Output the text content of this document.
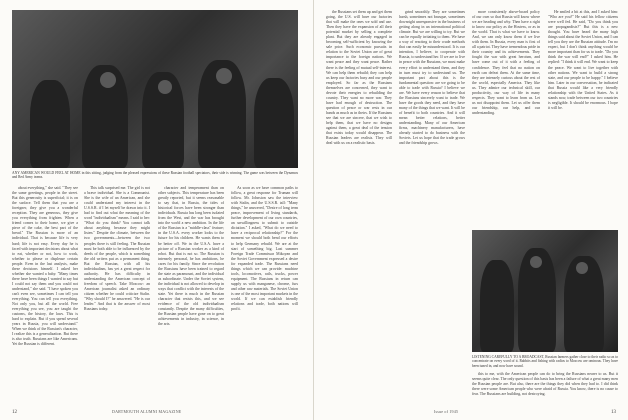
ANY AMERICAN WOULD FEEL AT HOME in this sitting, judging from the pleased expressions of these Russian football spectators, their side is winning. The game was between the Dynamos and Red Army teams.

about everything," she said. "They see the same greetings, people in the street. But this generosity is superficial; it is on the surface. Tell them that you are a foreigner, they give you a wonderful reception. They are generous, they give you everything from frighten. When a friend comes to their home, we give a piece of the cake, the best part of the bread." The Russian is more of an individual. That is because life is very hard; life is not easy. Every day he is faced with important decisions about what to eat, whether or not, how to work, whether to please or displease certain people. Even in the last analysis, make these decisions himself. I asked her whether she wanted a baby. "Many times there have been things I wanted to say but I could not say them and you could not understand," she said. "I have spoken you can't even see, sometimes I can tell you everything. You can tell you everything. Not only you, but all the world. Free everything you see, you are taught the customs, the history, the laws. This is hard to explain. But if you spend several years in Russia, you will understand." When we think of the Russian's character, I realize this is a generalization. But there is also truth. Russians are like Americans. Yet the Russian is different.

This talk surprised me. The girl is not a brave individual. She is a Communist. She is the wife of an American, and she could understand my interest in the U.S.S.R. if I let myself be drawn into it. I had to find out what the meaning of the word "individualism" means. I said to her: "What do you think? You cannot talk about anything because they might listen." Despite the climate, between the two governments—between the two peoples there is still feeling. The Russian must be both able to be influenced by the deeds of the people, which is something the old writers put as a permanent thing. But the Russian, with all his individualism, has yet a great respect for authority. He has difficulty in understanding the American concept of freedom of speech. Take Moscow: an American journalist asked an ordinary citizen whether he could criticize Stalin. "Why should I?" he answered. "He is our leader." And that is the answer of most Russians today.

character and temperament than on other subjects. This temperature has been greatly reported, but it seems reasonable to say that, in Russia, the tides of historical forces have been stronger than individuals. Russia has long been isolated from the West, and the war has brought into the world a new ambition. In the life of the Russian is a "middle-class" feature; in the U.S.A. every worker looks to the future for his children. He wants them to be better off. We in the U.S.A. have a picture of a Russian worker as a kind of robot. But that is not so. The Russian is intensely personal, he has ambitions, he cares for his family. Since the revolution the Russians have been trained to regard the state as paramount, and the individual as subordinate. Under the Soviet system, the individual is not allowed to develop in ways that conflict with the interests of the state. Yet there is much in the Russian character that resists this, and we see evidence of the old individualism constantly. Despite the many difficulties, the Russian people have gone on to great achievements in industry, in science, in the arts.

As soon as we have common paths to follow, a great response for Truman will follow. Mr. Johnston saw the interview with Stalin, and the U.S.S.R. tall: "Many things," he answered, "Desire of long term peace, improvement of living standards, further development of our own countries, an unwillingness to submit to outside dictation." I asked, "What do we need to have a reciprocal relationship?" For the moment we should both bend our efforts to help Germany rebuild. We are at the start of something big. Last summer Foreign Trade Commissar Mikoyan and the Soviet Government expressed a desire for expanded trade. The Russians need things which we can provide: machine tools, locomotives, rails, trucks, power equipment. The Russians in return can supply us with manganese, chrome, furs and other raw materials. The Soviet Union is one of the most important markets in the world. If we can establish friendly relations and trade, both nations will profit.

12	DARTMOUTH ALUMNI MAGAZINE

the Russians set them up and get them going, the U.S. will have our factories that will make the ones we sold and use. Then they have the expansion of all their potential market by selling a complete plant. But they are already engaged in becoming self-sufficient by knowing the sale price. Such economic pursuits in relation to the Soviet Union are of great importance to the foreign nations. We want peace and they want peace. Rather there is the feeling of mutual self-interest. We can help them rebuild; they can help us keep our factories busy and our people employed. So far as the Russians themselves are concerned, they want to devote their energies to rebuilding the country. They want no more war. They have had enough of destruction. The question of peace or war rests in our hands as much as in theirs. If the Russians see that we are sincere, that we wish to help them, that we have no designs against them, a great deal of the tension that exists today would disappear. The Russian leaders are realists. They will deal with us on a realistic basis.

grind smoothly. They are sometimes harsh, sometimes not brusque, sometimes downright unresponsive in the business of getting along in an international political climate. But we are willing to try. But we can be equally irritating to them. We have a way of reacting to their crude methods that can easily be misunderstood. It is our intention, I believe, to cooperate with Russia, to understand her. If we are to live in peace with the Russians, we must make every effort to understand them, and they in turn must try to understand us. The important part about this is the fundamental question: are we going to be able to trade with Russia? I believe we are. We have every reason to believe that the Russians sincerely want to trade. We have the goods they need, and they have many of the things that we want. It will be of benefit to both countries. And it will mean better relations, better understanding. Many of our American firms, machinery manufacturers, have already started to do business with the Soviets. Let us hope that the trade grows and the friendship grows.

more consistently above-board policy of our own so that Russia will know where we are heading and why. Then have a right to know our policy as the Hostess, or as in the world. That is what we have to know. And, we can only know them if we live with them. In Russia, every man is first of all a patriot. They have tremendous pride in their country and its achievements. They fought the war with great heroism, and have come out of it with a feeling of confidence. They feel that no nation on earth can defeat them. At the same time, they are intensely curious about the rest of the world, especially America. They like us. They admire our technical skill, our productivity, our way of life in many respects. They want to learn from us. Let us not disappoint them. Let us offer them our friendship, our help, and our understanding.

He smiled a bit at this, and I asked him: "Who are you?" He said his fellow citizens were well fed. He said, "Do you think you are propagandists?" But this is a new thought. You have heard the many high things said about the Soviet Union, and I can tell you they are the Russian attitude. I'm no expert, but I don't think anything would be more important than for us to trade. "Do you think the war will end?" I asked him. He replied: "I think it will end. We want to keep the peace. We want to live together with other nations. We want to build a strong state, and our people to be happy." I believe him. Later in our conversation, he indicated that Russia would like a very friendly relationship with the United States. As it stands now, trade between our two countries is negligible. It should be enormous. I hope it will be.

LISTENING CAREFULLY TO A BROADCAST, Russian farmers gather close to their radio so as to concentrate on every word of it. Rabbits and fishing with radios to Moscow are ominous. They have been tuned in, and now have sound.

this to me, with the American people can do to bring the Russians nearer to us. But it seems quite clear. The only question of this basis has been a failure of what a great many men the Russian people are. But also, there are the things they did when they had to. I did think there were some American people who were afraid of Russia. You know, there is no cause to fear. The Russians are building, not destroying.

Issue of 1945	13
